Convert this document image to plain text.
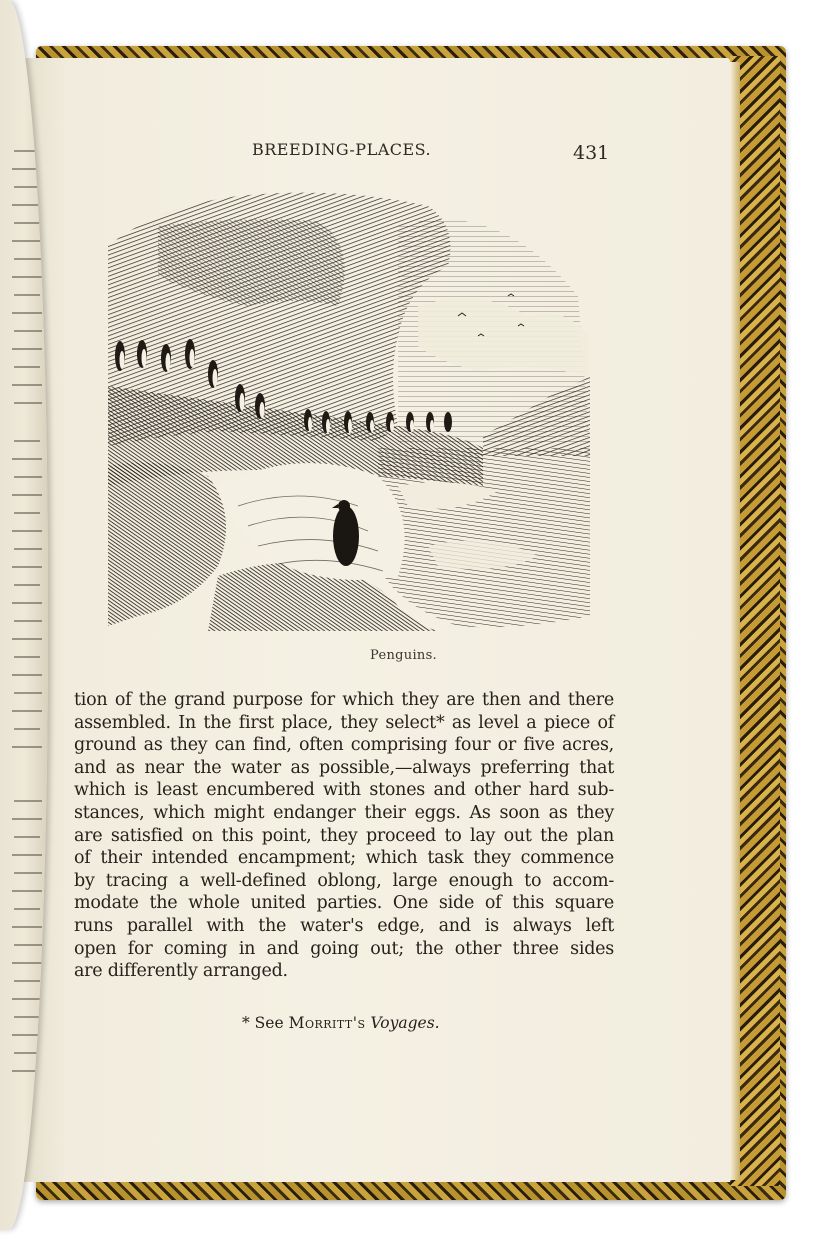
BREEDING-PLACES.	431
Penguins.
tion of the grand purpose for which they are then and there
assembled. In the first place, they select* as level a piece of
ground as they can find, often comprising four or five acres,
and as near the water as possible,—always preferring that
which is least encumbered with stones and other hard sub-
stances, which might endanger their eggs. As soon as they
are satisfied on this point, they proceed to lay out the plan
of their intended encampment; which task they commence
by tracing a well-defined oblong, large enough to accom-
modate the whole united parties. One side of this square
runs parallel with the water's edge, and is always left
open for coming in and going out; the other three sides
are differently arranged.
* See Morritt's Voyages.
